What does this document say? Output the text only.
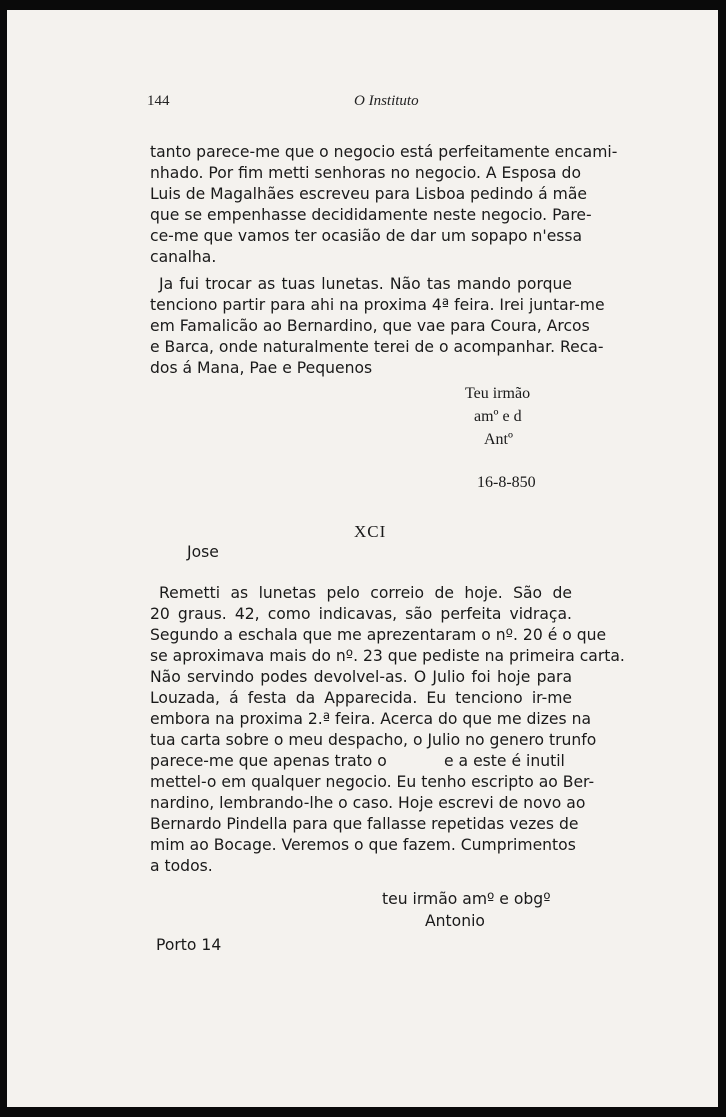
144	O Instituto
tanto parece-me que o negocio está perfeitamente encami-
nhado. Por fim metti senhoras no negocio. A Esposa do
Luis de Magalhães escreveu para Lisboa pedindo á mãe
que se empenhasse decididamente neste negocio. Pare-
ce-me que vamos ter ocasião de dar um sopapo n'essa
canalha.
Ja fui trocar as tuas lunetas. Não tas mando porque
tenciono partir para ahi na proxima 4ª feira. Irei juntar-me
em Famalicão ao Bernardino, que vae para Coura, Arcos
e Barca, onde naturalmente terei de o acompanhar. Reca-
dos á Mana, Pae e Pequenos
Teu irmão
amº e d
Antº
16-8-850
XCI
Jose
Remetti as lunetas pelo correio de hoje. São de
20 graus. 42, como indicavas, são perfeita vidraça.
Segundo a eschala que me aprezentaram o nº. 20 é o que
se aproximava mais do nº. 23 que pediste na primeira carta.
Não servindo podes devolvel-as. O Julio foi hoje para
Louzada, á festa da Apparecida. Eu tenciono ir-me
embora na proxima 2.ª feira. Acerca do que me dizes na
tua carta sobre o meu despacho, o Julio no genero trunfo
parece-me que apenas trato o	e a este é inutil
mettel-o em qualquer negocio. Eu tenho escripto ao Ber-
nardino, lembrando-lhe o caso. Hoje escrevi de novo ao
Bernardo Pindella para que fallasse repetidas vezes de
mim ao Bocage. Veremos o que fazem. Cumprimentos
a todos.
teu irmão amº e obgº
Antonio
Porto 14
